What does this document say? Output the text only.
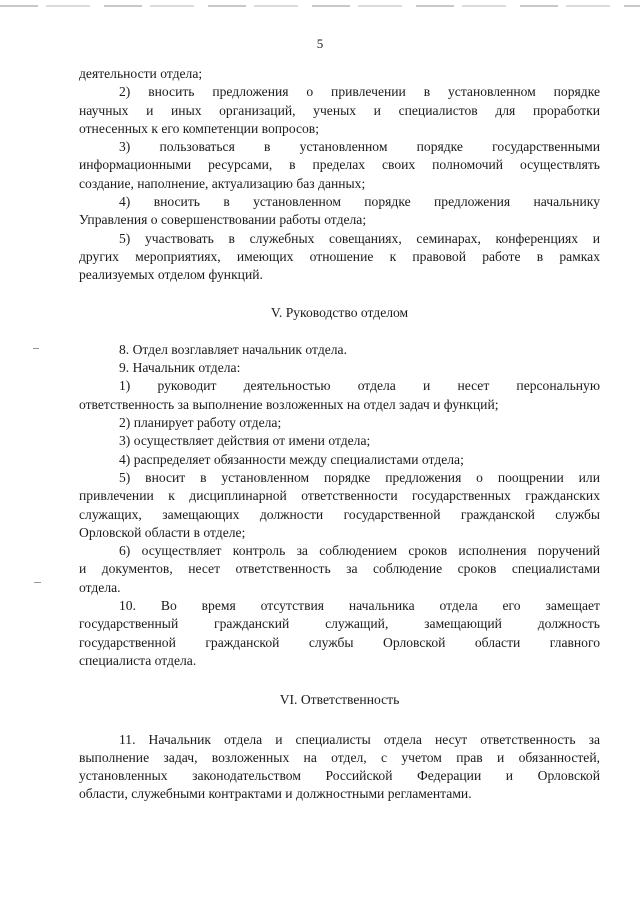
5
деятельности отдела;
2) вносить предложения о привлечении в установленном порядке
научных и иных организаций, ученых и специалистов для проработки
отнесенных к его компетенции вопросов;
3) пользоваться в установленном порядке государственными
информационными ресурсами, в пределах своих полномочий осуществлять
создание, наполнение, актуализацию баз данных;
4) вносить в установленном порядке предложения начальнику
Управления о совершенствовании работы отдела;
5) участвовать в служебных совещаниях, семинарах, конференциях и
других мероприятиях, имеющих отношение к правовой работе в рамках
реализуемых отделом функций.
V. Руководство отделом
8. Отдел возглавляет начальник отдела.
9. Начальник отдела:
1) руководит деятельностью отдела и несет персональную
ответственность за выполнение возложенных на отдел задач и функций;
2) планирует работу отдела;
3) осуществляет действия от имени отдела;
4) распределяет обязанности между специалистами отдела;
5) вносит в установленном порядке предложения о поощрении или
привлечении к дисциплинарной ответственности государственных гражданских
служащих, замещающих должности государственной гражданской службы
Орловской области в отделе;
6) осуществляет контроль за соблюдением сроков исполнения поручений
и документов, несет ответственность за соблюдение сроков специалистами
отдела.
10. Во время отсутствия начальника отдела его замещает
государственный гражданский служащий, замещающий должность
государственной гражданской службы Орловской области главного
специалиста отдела.
VI. Ответственность
11. Начальник отдела и специалисты отдела несут ответственность за
выполнение задач, возложенных на отдел, с учетом прав и обязанностей,
установленных законодательством Российской Федерации и Орловской
области, служебными контрактами и должностными регламентами.
